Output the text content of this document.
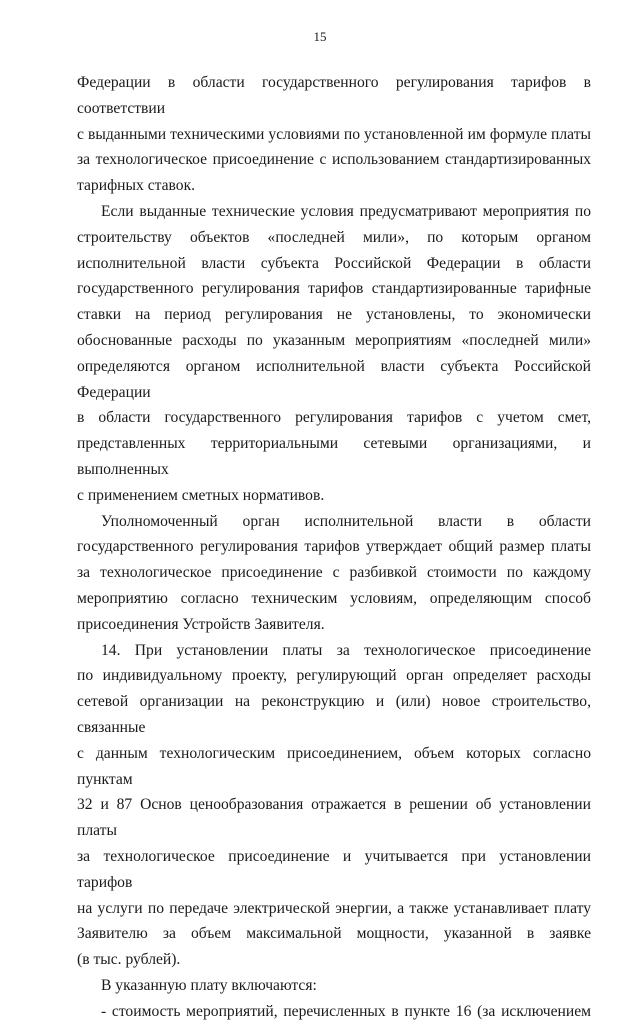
15

Федерации в области государственного регулирования тарифов в соответствии

с выданными техническими условиями по установленной им формуле платы

за технологическое присоединение с использованием стандартизированных

тарифных ставок.

Если выданные технические условия предусматривают мероприятия по

строительству объектов «последней мили», по которым органом

исполнительной власти субъекта Российской Федерации в области

государственного регулирования тарифов стандартизированные тарифные

ставки на период регулирования не установлены, то экономически

обоснованные расходы по указанным мероприятиям «последней мили»

определяются органом исполнительной власти субъекта Российской Федерации

в области государственного регулирования тарифов с учетом смет,

представленных территориальными сетевыми организациями, и выполненных

с применением сметных нормативов.

Уполномоченный орган исполнительной власти в области

государственного регулирования тарифов утверждает общий размер платы

за технологическое присоединение с разбивкой стоимости по каждому

мероприятию согласно техническим условиям, определяющим способ

присоединения Устройств Заявителя.

14. При установлении платы за технологическое присоединение

по индивидуальному проекту, регулирующий орган определяет расходы

сетевой организации на реконструкцию и (или) новое строительство, связанные

с данным технологическим присоединением, объем которых согласно пунктам

32 и 87 Основ ценообразования отражается в решении об установлении платы

за технологическое присоединение и учитывается при установлении тарифов

на услуги по передаче электрической энергии, а также устанавливает плату

Заявителю за объем максимальной мощности, указанной в заявке

(в тыс. рублей).

В указанную плату включаются:

- стоимость мероприятий, перечисленных в пункте 16 (за исключением
